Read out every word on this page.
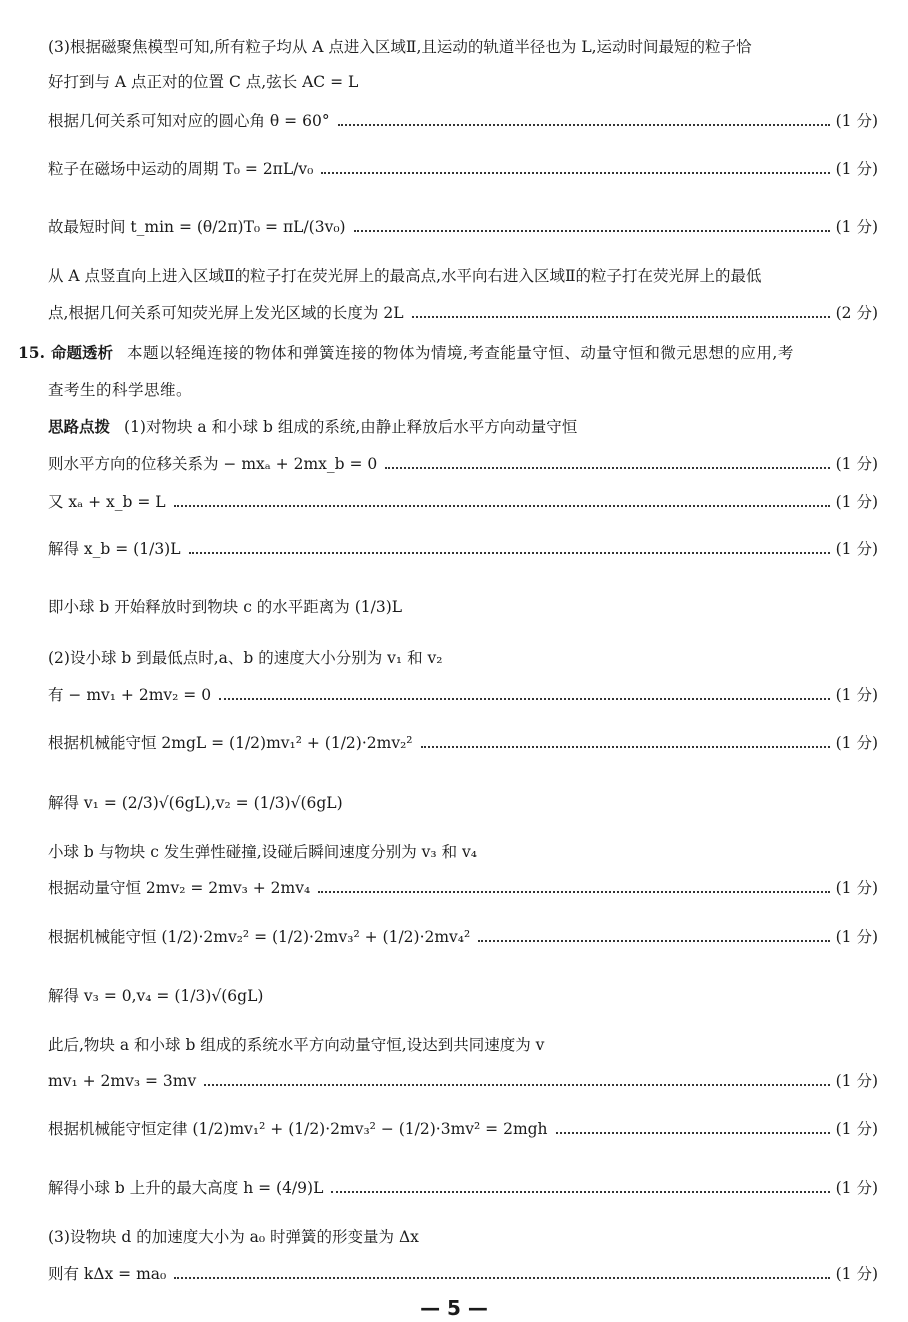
(3)根据磁聚焦模型可知,所有粒子均从 A 点进入区域Ⅱ,且运动的轨道半径也为 L,运动时间最短的粒子恰
好打到与 A 点正对的位置 C 点,弦长 AC = L
根据几何关系可知对应的圆心角 θ = 60°	(1 分)
粒子在磁场中运动的周期 T₀ = 2πL/v₀	(1 分)
故最短时间 t_min = (θ/2π)T₀ = πL/(3v₀)	(1 分)
从 A 点竖直向上进入区域Ⅱ的粒子打在荧光屏上的最高点,水平向右进入区域Ⅱ的粒子打在荧光屏上的最低
点,根据几何关系可知荧光屏上发光区域的长度为 2L	(2 分)
15. 命题透析 本题以轻绳连接的物体和弹簧连接的物体为情境,考查能量守恒、动量守恒和微元思想的应用,考
查考生的科学思维。
思路点拨 (1)对物块 a 和小球 b 组成的系统,由静止释放后水平方向动量守恒
则水平方向的位移关系为 − mxₐ + 2mx_b = 0	(1 分)
又 xₐ + x_b = L	(1 分)
解得 x_b = (1/3)L	(1 分)
即小球 b 开始释放时到物块 c 的水平距离为 (1/3)L
(2)设小球 b 到最低点时,a、b 的速度大小分别为 v₁ 和 v₂
有 − mv₁ + 2mv₂ = 0	(1 分)
根据机械能守恒 2mgL = (1/2)mv₁² + (1/2)·2mv₂²	(1 分)
解得 v₁ = (2/3)√(6gL),v₂ = (1/3)√(6gL)
小球 b 与物块 c 发生弹性碰撞,设碰后瞬间速度分别为 v₃ 和 v₄
根据动量守恒 2mv₂ = 2mv₃ + 2mv₄	(1 分)
根据机械能守恒 (1/2)·2mv₂² = (1/2)·2mv₃² + (1/2)·2mv₄²	(1 分)
解得 v₃ = 0,v₄ = (1/3)√(6gL)
此后,物块 a 和小球 b 组成的系统水平方向动量守恒,设达到共同速度为 v
mv₁ + 2mv₃ = 3mv	(1 分)
根据机械能守恒定律 (1/2)mv₁² + (1/2)·2mv₃² − (1/2)·3mv² = 2mgh	(1 分)
解得小球 b 上升的最大高度 h = (4/9)L	(1 分)
(3)设物块 d 的加速度大小为 a₀ 时弹簧的形变量为 Δx
则有 kΔx = ma₀	(1 分)
— 5 —
